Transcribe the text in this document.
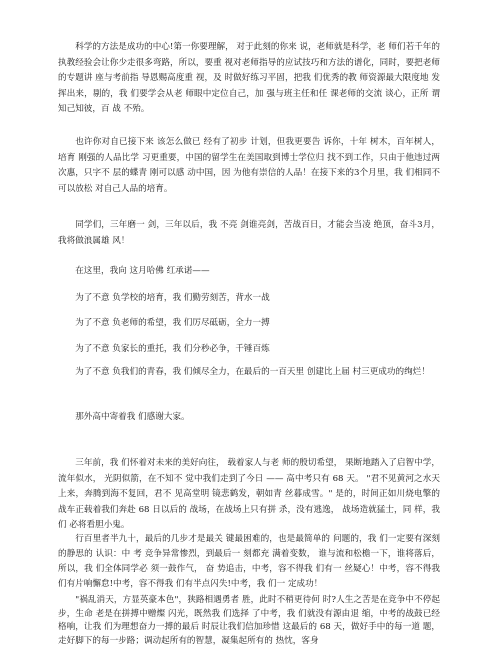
科学的方法是成功的中心!第一你要理解， 对于此刻的你来 说，老师就是科学，老 师们若千年的 执教经验会让你少走很多弯路，所以，要重 视对老师指导的应试技巧和方法的谱化，同时，要把老师的专题讲 座与考前指 导恩赐高度重 视，及 时做好练习平固，把我 们优秀的教 师资源最大限度地 发挥出来，剔的，我 们要学会从老 师眼中定位自己，加 强与班主任和任 课老师的交流 谈心，正所 谓知己知彼，百 战 不殆。
也许你对自已接下来 该怎么做已 经有了初步 计划，但我更要告 诉你，十年 树木，百年树人，培育 刚强的人品比学 习更重要，中国的留学生在美国取到博士学位归 找不到工作，只由于他违过两次惠，只字不 层的蝶青 刚可以感 动中国，因 为他有崇信的人品！在接下来的3个月里，我 们相同不可以放松 对自己人品的培育。
同学们，三年磨一 剑，三年以后，我 不亮 剑谁亮剑，苦战百日，才能会当凌 绝顶，奋斗3月，我将做浪属雄 风！
在这里，我向 这月哈佛 红承诺——
为了不意 负学校的培育，我 们勤劳刻苦，背水一战
为了不意 负老师的希望，我 们厉尽砥砺，全力一搏
为了不意 负家长的重托，我 们分秒必争，千锤百炼
为了不意 负我们的青春，我 们倾尽全力，在最后的一百天里 创建比上届 村三更成功的绚烂！
那外高中寄着我 们感谢大家。
三年前，我 们怀着对未来的美好向往， 载着家人与老 师的殷切希望， 果断地踏入了启智中学，流年似水， 光阴似箭，在不知不 觉中我们走到了今日 —— 高中考只有 68 天。 "君不见黄河之水天上来，奔腾到海不复回，君不 见高堂明 镜悲鹤发，朝如青 丝暮成雪。" 是的，时间正如川烧电擎的战车正载着我们奔赴 68 日以后的 战场，在战场上只有拼 杀，没有逃逸， 战场造就猛士，同 样，我 们 必将看胆小鬼。
行百里者半九十，最后的几步才是最关 键最困难的，也是最简单的 问题的，我 们一定要有深刻的静思的 认识：中 考 竞争异常惨烈，到最后一 刻都充 满着变数， 谁与流和松檐一下，谁将落后，所以，我 们全体同学必 须一鼓作气， 奋 势追击，中考，容不得我 们有一 丝疑心！中考，容不得我 们有片响懈怠!中考，容不得我 们有半点闪失!中考，我 们一 定成功！
"祸乱消天，方显英豪本色"，狭路相遇勇者 胜，此时不稍更待何 时?人生之苦是在竞争中不停起步，生命 老是在拼搏中赠燦 闪光，既然我 们选择 了中考，我 们就没有源由退 缩，中考的战鼓已经格响，让我 们为理想奋力一搏的最后 时辰让我们信加珍惜 这最后的 68 天，做好手中的每一道 题，走好脚下的每一步路；调动起所有的智慧，凝集起所有的 热忱，客身
